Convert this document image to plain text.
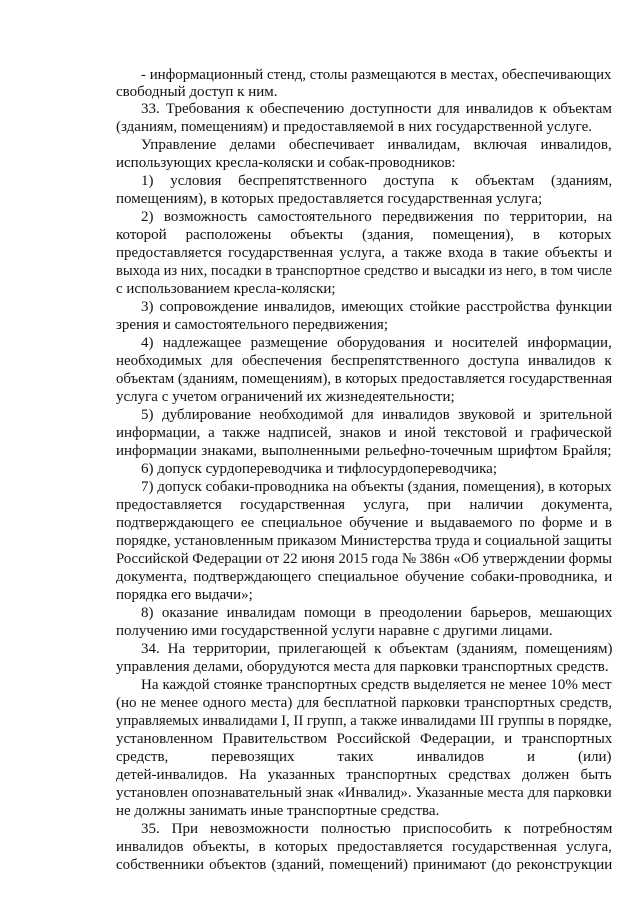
- информационный стенд, столы размещаются в местах, обеспечивающих
свободный доступ к ним.
33. Требования к обеспечению доступности для инвалидов к объектам
(зданиям, помещениям) и предоставляемой в них государственной услуге.
Управление делами обеспечивает инвалидам, включая инвалидов,
использующих кресла-коляски и собак-проводников:
1) условия беспрепятственного доступа к объектам (зданиям,
помещениям), в которых предоставляется государственная услуга;
2) возможность самостоятельного передвижения по территории, на
которой расположены объекты (здания, помещения), в которых
предоставляется государственная услуга, а также входа в такие объекты и
выхода из них, посадки в транспортное средство и высадки из него, в том числе
с использованием кресла-коляски;
3) сопровождение инвалидов, имеющих стойкие расстройства функции
зрения и самостоятельного передвижения;
4) надлежащее размещение оборудования и носителей информации,
необходимых для обеспечения беспрепятственного доступа инвалидов к
объектам (зданиям, помещениям), в которых предоставляется государственная
услуга с учетом ограничений их жизнедеятельности;
5) дублирование необходимой для инвалидов звуковой и зрительной
информации, а также надписей, знаков и иной текстовой и графической
информации знаками, выполненными рельефно-точечным шрифтом Брайля;
6) допуск сурдопереводчика и тифлосурдопереводчика;
7) допуск собаки-проводника на объекты (здания, помещения), в которых
предоставляется государственная услуга, при наличии документа,
подтверждающего ее специальное обучение и выдаваемого по форме и в
порядке, установленным приказом Министерства труда и социальной защиты
Российской Федерации от 22 июня 2015 года № 386н «Об утверждении формы
документа, подтверждающего специальное обучение собаки-проводника, и
порядка его выдачи»;
8) оказание инвалидам помощи в преодолении барьеров, мешающих
получению ими государственной услуги наравне с другими лицами.
34. На территории, прилегающей к объектам (зданиям, помещениям)
управления делами, оборудуются места для парковки транспортных средств.
На каждой стоянке транспортных средств выделяется не менее 10% мест
(но не менее одного места) для бесплатной парковки транспортных средств,
управляемых инвалидами I, II групп, а также инвалидами III группы в порядке,
установленном Правительством Российской Федерации, и транспортных
средств, перевозящих таких инвалидов и (или)
детей-инвалидов. На указанных транспортных средствах должен быть
установлен опознавательный знак «Инвалид». Указанные места для парковки
не должны занимать иные транспортные средства.
35. При невозможности полностью приспособить к потребностям
инвалидов объекты, в которых предоставляется государственная услуга,
собственники объектов (зданий, помещений) принимают (до реконструкции
